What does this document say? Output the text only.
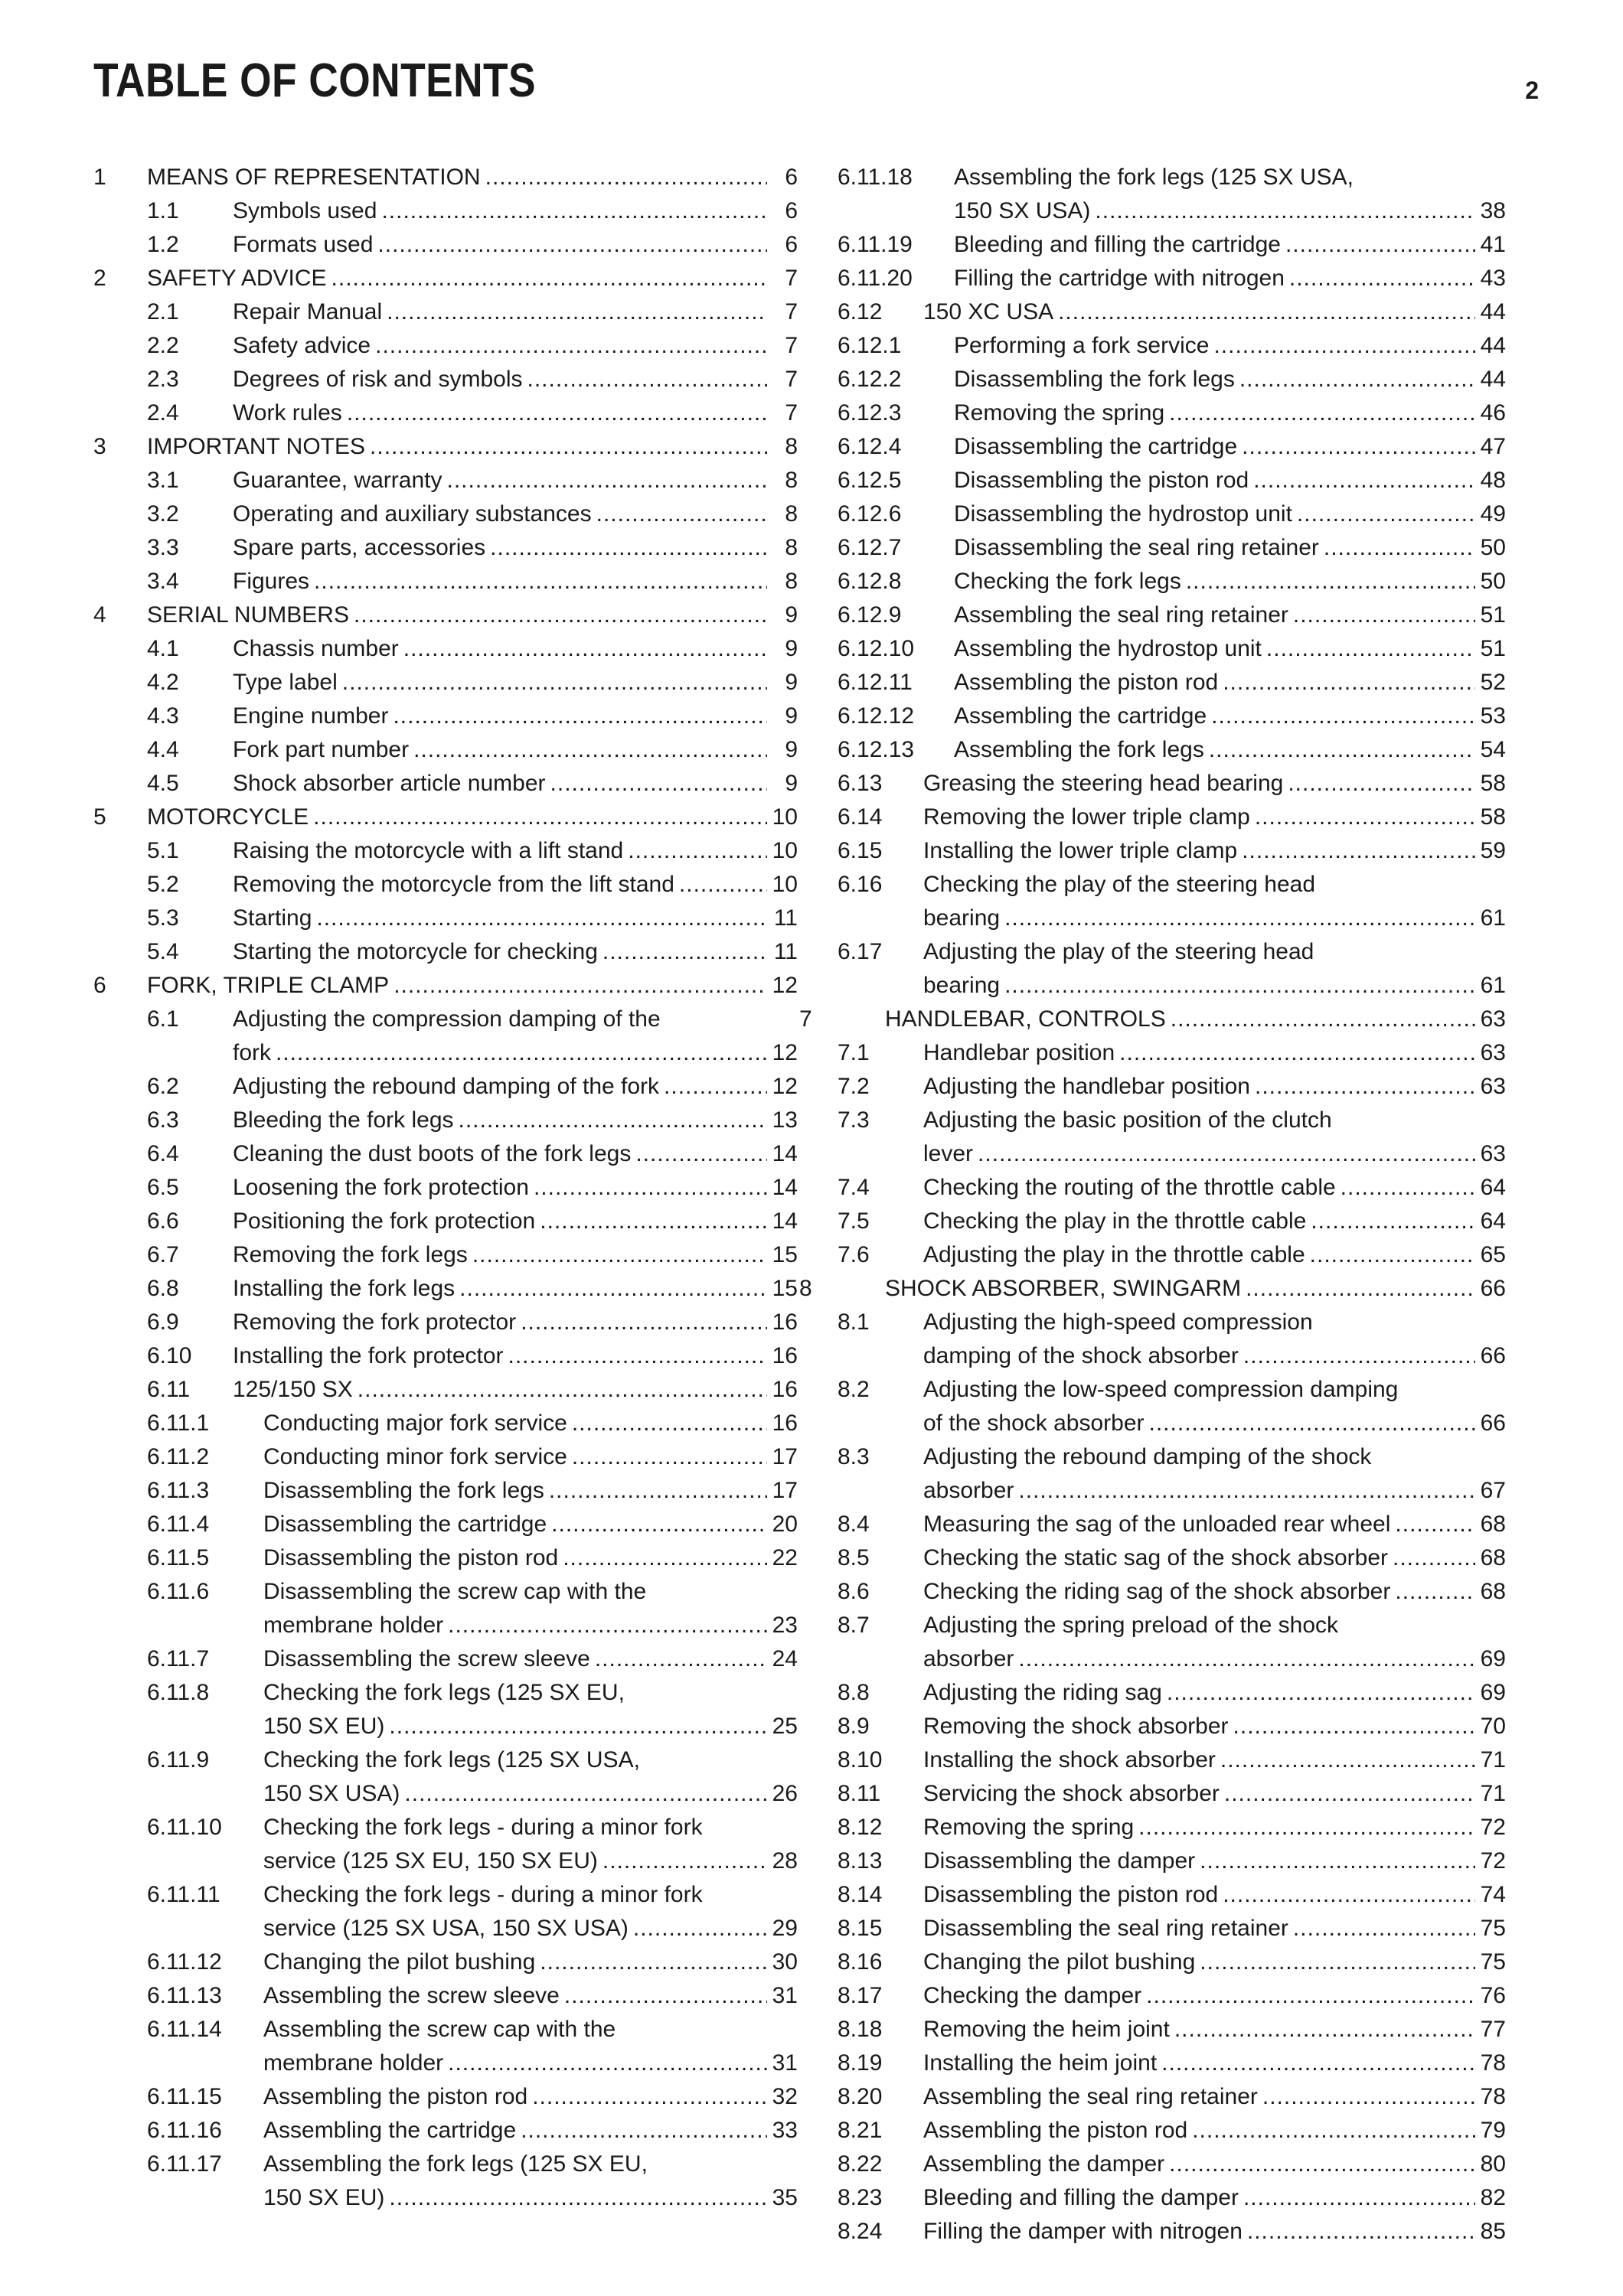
TABLE OF CONTENTS	2
1	MEANS OF REPRESENTATION .....	6
1.1	Symbols used .....	6
1.2	Formats used .....	6
2	SAFETY ADVICE .....	7
2.1	Repair Manual .....	7
2.2	Safety advice .....	7
2.3	Degrees of risk and symbols .....	7
2.4	Work rules .....	7
3	IMPORTANT NOTES .....	8
3.1	Guarantee, warranty .....	8
3.2	Operating and auxiliary substances .....	8
3.3	Spare parts, accessories .....	8
3.4	Figures .....	8
4	SERIAL NUMBERS .....	9
4.1	Chassis number .....	9
4.2	Type label .....	9
4.3	Engine number .....	9
4.4	Fork part number .....	9
4.5	Shock absorber article number .....	9
5	MOTORCYCLE .....	10
5.1	Raising the motorcycle with a lift stand .....	10
5.2	Removing the motorcycle from the lift stand .....	10
5.3	Starting .....	11
5.4	Starting the motorcycle for checking .....	11
6	FORK, TRIPLE CLAMP .....	12
6.1	Adjusting the compression damping of the
fork .....	12
6.2	Adjusting the rebound damping of the fork .....	12
6.3	Bleeding the fork legs .....	13
6.4	Cleaning the dust boots of the fork legs .....	14
6.5	Loosening the fork protection .....	14
6.6	Positioning the fork protection .....	14
6.7	Removing the fork legs .....	15
6.8	Installing the fork legs .....	15
6.9	Removing the fork protector .....	16
6.10	Installing the fork protector .....	16
6.11	125/150 SX .....	16
6.11.1	Conducting major fork service .....	16
6.11.2	Conducting minor fork service .....	17
6.11.3	Disassembling the fork legs .....	17
6.11.4	Disassembling the cartridge .....	20
6.11.5	Disassembling the piston rod .....	22
6.11.6	Disassembling the screw cap with the
membrane holder .....	23
6.11.7	Disassembling the screw sleeve .....	24
6.11.8	Checking the fork legs (125 SX EU,
150 SX EU) .....	25
6.11.9	Checking the fork legs (125 SX USA,
150 SX USA) .....	26
6.11.10	Checking the fork legs - during a minor fork
service (125 SX EU, 150 SX EU) .....	28
6.11.11	Checking the fork legs - during a minor fork
service (125 SX USA, 150 SX USA) .....	29
6.11.12	Changing the pilot bushing .....	30
6.11.13	Assembling the screw sleeve .....	31
6.11.14	Assembling the screw cap with the
membrane holder .....	31
6.11.15	Assembling the piston rod .....	32
6.11.16	Assembling the cartridge .....	33
6.11.17	Assembling the fork legs (125 SX EU,
150 SX EU) .....	35
6.11.18	Assembling the fork legs (125 SX USA,
150 SX USA) .....	38
6.11.19	Bleeding and filling the cartridge .....	41
6.11.20	Filling the cartridge with nitrogen .....	43
6.12	150 XC USA .....	44
6.12.1	Performing a fork service .....	44
6.12.2	Disassembling the fork legs .....	44
6.12.3	Removing the spring .....	46
6.12.4	Disassembling the cartridge .....	47
6.12.5	Disassembling the piston rod .....	48
6.12.6	Disassembling the hydrostop unit .....	49
6.12.7	Disassembling the seal ring retainer .....	50
6.12.8	Checking the fork legs .....	50
6.12.9	Assembling the seal ring retainer .....	51
6.12.10	Assembling the hydrostop unit .....	51
6.12.11	Assembling the piston rod .....	52
6.12.12	Assembling the cartridge .....	53
6.12.13	Assembling the fork legs .....	54
6.13	Greasing the steering head bearing .....	58
6.14	Removing the lower triple clamp .....	58
6.15	Installing the lower triple clamp .....	59
6.16	Checking the play of the steering head
bearing .....	61
6.17	Adjusting the play of the steering head
bearing .....	61
7	HANDLEBAR, CONTROLS .....	63
7.1	Handlebar position .....	63
7.2	Adjusting the handlebar position .....	63
7.3	Adjusting the basic position of the clutch
lever .....	63
7.4	Checking the routing of the throttle cable .....	64
7.5	Checking the play in the throttle cable .....	64
7.6	Adjusting the play in the throttle cable .....	65
8	SHOCK ABSORBER, SWINGARM .....	66
8.1	Adjusting the high-speed compression
damping of the shock absorber .....	66
8.2	Adjusting the low-speed compression damping
of the shock absorber .....	66
8.3	Adjusting the rebound damping of the shock
absorber .....	67
8.4	Measuring the sag of the unloaded rear wheel .....	68
8.5	Checking the static sag of the shock absorber .....	68
8.6	Checking the riding sag of the shock absorber .....	68
8.7	Adjusting the spring preload of the shock
absorber .....	69
8.8	Adjusting the riding sag .....	69
8.9	Removing the shock absorber .....	70
8.10	Installing the shock absorber .....	71
8.11	Servicing the shock absorber .....	71
8.12	Removing the spring .....	72
8.13	Disassembling the damper .....	72
8.14	Disassembling the piston rod .....	74
8.15	Disassembling the seal ring retainer .....	75
8.16	Changing the pilot bushing .....	75
8.17	Checking the damper .....	76
8.18	Removing the heim joint .....	77
8.19	Installing the heim joint .....	78
8.20	Assembling the seal ring retainer .....	78
8.21	Assembling the piston rod .....	79
8.22	Assembling the damper .....	80
8.23	Bleeding and filling the damper .....	82
8.24	Filling the damper with nitrogen .....	85
